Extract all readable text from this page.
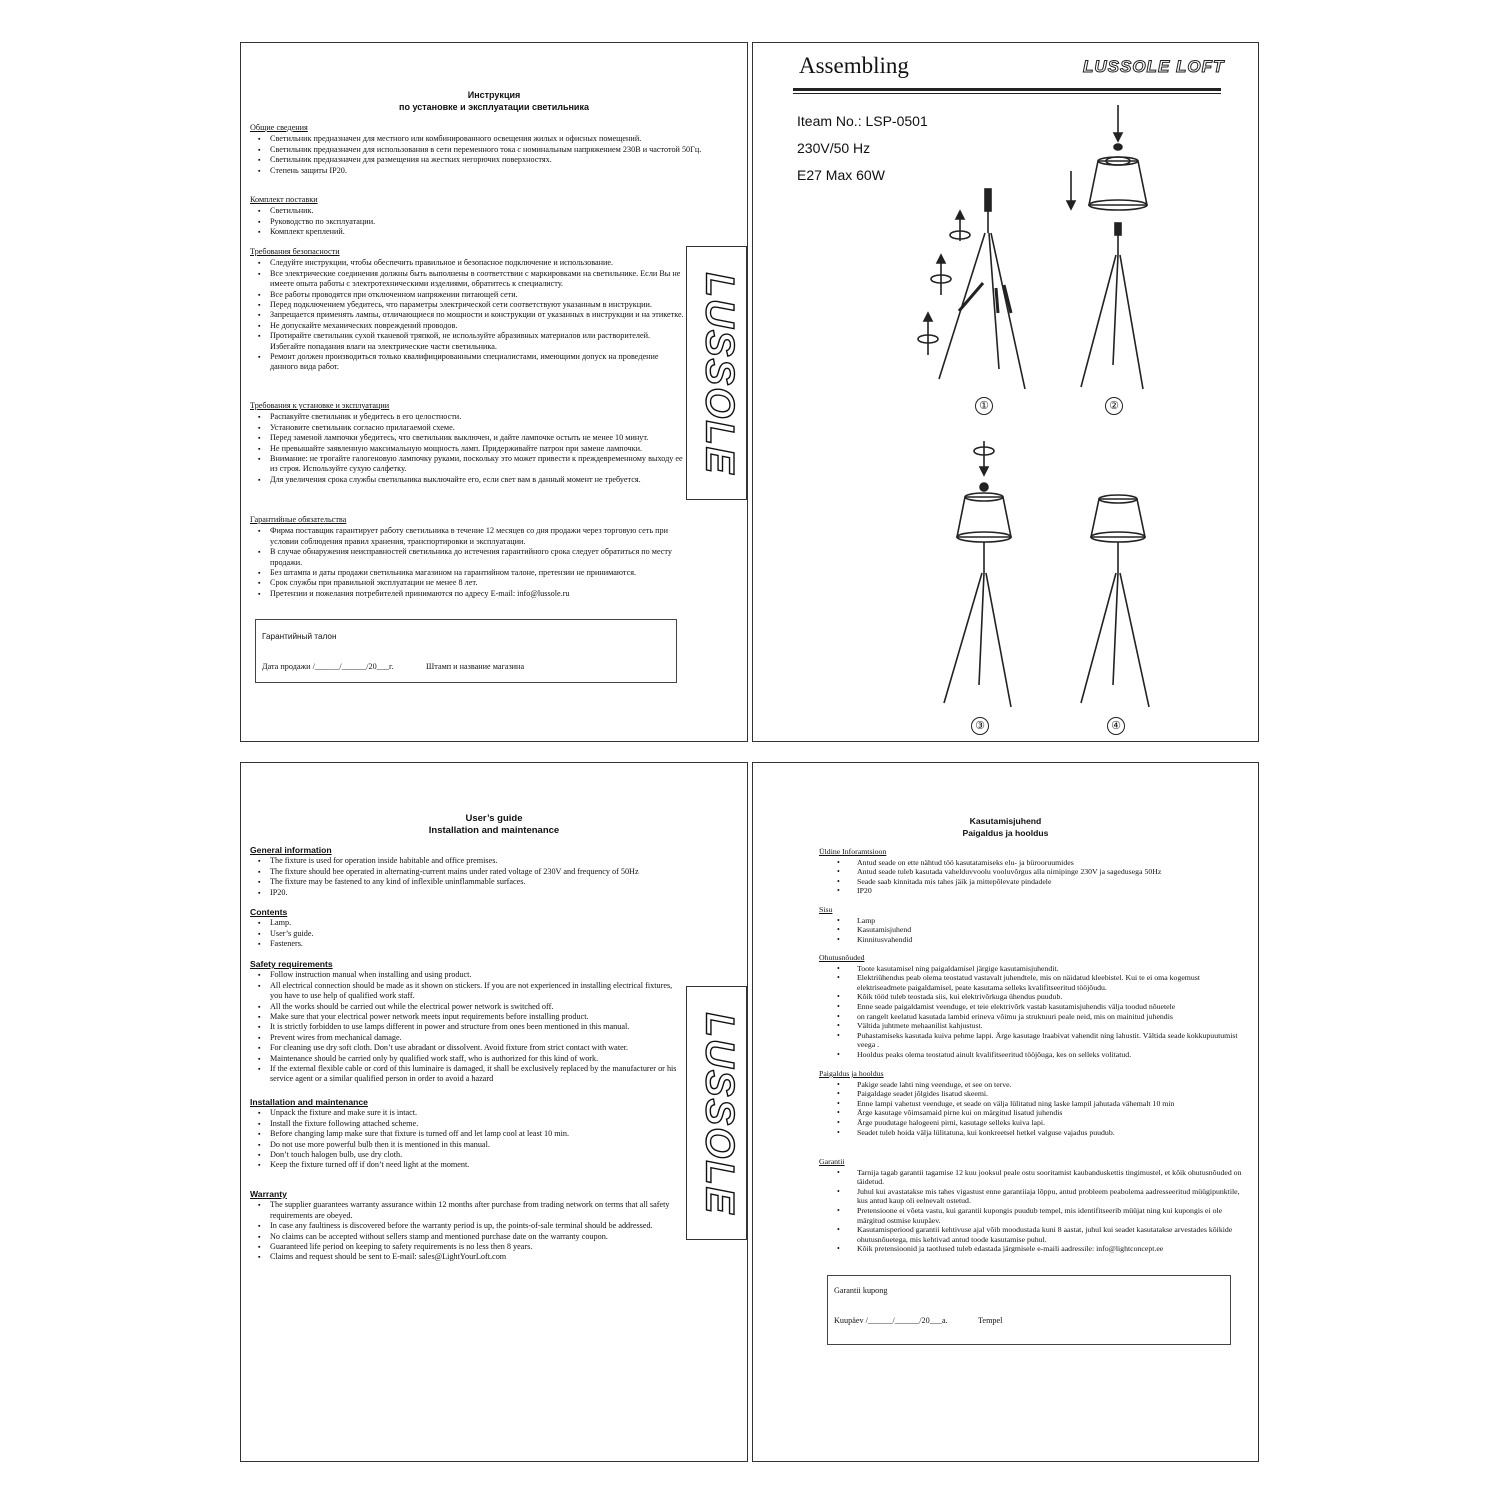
Инструкция
по установке и эксплуатации светильника
Общие сведения
▪ Светильник предназначен для местного или комбинированного освещения жилых и офисных помещений.
▪ Светильник предназначен для использования в сети переменного тока с номинальным напряжением 230В и частотой 50Гц.
▪ Светильник предназначен для размещения на жестких негорючих поверхностях.
▪ Степень защиты IP20.
Комплект поставки
▪ Светильник.
▪ Руководство по эксплуатации.
▪ Комплект креплений.
Требования безопасности
▪ Следуйте инструкции, чтобы обеспечить правильное и безопасное подключение и использование.
▪ Все электрические соединения должны быть выполнены в соответствии с маркировками на светильнике. Если Вы не имеете опыта работы с электротехническими изделиями, обратитесь к специалисту.
▪ Все работы проводятся при отключенном напряжении питающей сети.
▪ Перед подключением убедитесь, что параметры электрической сети соответствуют указанным в инструкции.
▪ Запрещается применять лампы, отличающиеся по мощности и конструкции от указанных в инструкции и на этикетке.
▪ Не допускайте механических повреждений проводов.
▪ Протирайте светильник сухой тканевой тряпкой, не используйте абразивных материалов или растворителей. Избегайте попадания влаги на электрические части светильника.
▪ Ремонт должен производиться только квалифицированными специалистами, имеющими допуск на проведение данного вида работ.
Требования к установке и эксплуатации
▪ Распакуйте светильник и убедитесь в его целостности.
▪ Установите светильник согласно прилагаемой схеме.
▪ Перед заменой лампочки убедитесь, что светильник выключен, и дайте лампочке остыть не менее 10 минут.
▪ Не превышайте заявленную максимальную мощность ламп. Придерживайте патрон при замене лампочки.
▪ Внимание: не трогайте галогеновую лампочку руками, поскольку это может привести к преждевременному выходу ее из строя. Используйте сухую салфетку.
▪ Для увеличения срока службы светильника выключайте его, если свет вам в данный момент не требуется.
Гарантийные обязательства
▪ Фирма поставщик гарантирует работу светильника в течение 12 месяцев со дня продажи через торговую сеть при условии соблюдения правил хранения, транспортировки и эксплуатации.
▪ В случае обнаружения неисправностей светильника до истечения гарантийного срока следует обратиться по месту продажи.
▪ Без штампа и даты продажи светильника магазином на гарантийном талоне, претензии не принимаются.
▪ Срок службы при правильной эксплуатации не менее 8 лет.
▪ Претензии и пожелания потребителей принимаются по адресу E-mail: info@lussole.ru
Гарантийный талон
Дата продажи /______/______/20___г.	Штамп и название магазина
LUSSOLE
Assembling	LUSSOLE LOFT
Iteam No.: LSP-0501
230V/50 Hz
E27 Max 60W
①	②
③	④
User’s guide
Installation and maintenance
General information
▪ The fixture is used for operation inside habitable and office premises.
▪ The fixture should bee operated in alternating-current mains under rated voltage of 230V and frequency of 50Hz
▪ The fixture may be fastened to any kind of inflexible uninflammable surfaces.
▪ IP20.
Contents
▪ Lamp.
▪ User’s guide.
▪ Fasteners.
Safety requirements
▪ Follow instruction manual when installing and using product.
▪ All electrical connection should be made as it shown on stickers. If you are not experienced in installing electrical fixtures, you have to use help of qualified work staff.
▪ All the works should be carried out while the electrical power network is switched off.
▪ Make sure that your electrical power network meets input requirements before installing product.
▪ It is strictly forbidden to use lamps different in power and structure from ones been mentioned in this manual.
▪ Prevent wires from mechanical damage.
▪ For cleaning use dry soft cloth. Don’t use abradant or dissolvent. Avoid fixture from strict contact with water.
▪ Maintenance should be carried only by qualified work staff, who is authorized for this kind of work.
▪ If the external flexible cable or cord of this luminaire is damaged, it shall be exclusively replaced by the manufacturer or his service agent or a similar qualified person in order to avoid a hazard
Installation and maintenance
▪ Unpack the fixture and make sure it is intact.
▪ Install the fixture following attached scheme.
▪ Before changing lamp make sure that fixture is turned off and let lamp cool at least 10 min.
▪ Do not use more powerful bulb then it is mentioned in this manual.
▪ Don’t touch halogen bulb, use dry cloth.
▪ Keep the fixture turned off if don’t need light at the moment.
Warranty
▪ The supplier guarantees warranty assurance within 12 months after purchase from trading network on terms that all safety requirements are obeyed.
▪ In case any faultiness is discovered before the warranty period is up, the points-of-sale terminal should be addressed.
▪ No claims can be accepted without sellers stamp and mentioned purchase date on the warranty coupon.
▪ Guaranteed life period on keeping to safety requirements is no less then 8 years.
▪ Claims and request should be sent to E-mail: sales@LightYourLoft.com
LUSSOLE
Kasutamisjuhend
Paigaldus ja hooldus
Üldine Inforamtsioon
• Antud seade on ette nähtud töö kasutatamiseks elu- ja bürooruumides
• Antud seade tuleb kasutada vahelduvvoolu vooluvõrgus alla nimipinge 230V ja sagedusega 50Hz
• Seade saab kinnitada mis tahes jäik ja mittepõlevate pindadele
• IP20
Sisu
• Lamp
• Kasutamisjuhend
• Kinnitusvahendid
Ohutusnõuded
• Toote kasutamisel ning paigaldamisel järgige kasutamisjuhendit.
• Elektriühendus peab olema teostatud vastavalt juhendtele, mis on näidatud kleebistel. Kui te ei oma kogemust elektriseadmete paigaldamisel, peate kasutama selleks kvalifitseeritud tööjõudu.
• Kõik tööd tuleb teostada siis, kui elektrivõrkuga ühendus puudub.
• Enne seade paigaldamist veenduge, et teie elektrivõrk vastab kasutamisjuhendis välja toodud nõuetele
• on rangelt keelatud kasutada lambid erineva võimu ja struktuuri peale neid, mis on mainitud juhendis
• Vältida juhtmete mehaanilist kahjustust.
• Puhastamiseks kasutada kuiva pehme lappi. Ärge kasutage lraabivat vahendit ning lahustit. Vältida seade kokkupuutumist veega .
• Hooldus peaks olema teostatud ainult kvalifitseeritud tööjõuga, kes on selleks volitatud.
Paigaldus ja hooldus
• Pakige seade lahti ning veenduge, et see on terve.
• Paigaldage seadet jõlgides lisatud skeemi.
• Enne lampi vahetust veenduge, et seade on välja lülitatud ning laske lampil jahutada vähemalt 10 min
• Ärge kasutage võimsamaid pirne kui on märgitud lisatud juhendis
• Ärge puudutage halogeeni pirni, kasutage selleks kuiva lapi.
• Seadet tuleb hoida välja lülitatuna, kui konkreetsel hetkel valguse vajadus puudub.
Garantii
• Tarnija tagab garantii tagamise 12 kuu jooksul peale ostu sooritamist kaubanduskettis tingimustel, et kõik ohutusnõuded on täidetud.
• Juhul kui avastatakse mis tahes vigastust enne garantiiaja lõppu, antud probleem peabolema aadresseeritud müügipunktile, kus antud kaup oli eelnevalt ostetud.
• Pretensioone ei võeta vastu, kui garantii kupongis puudub tempel, mis identifitseerib müüjat ning kui kupongis ei ole märgitud ostmise kuupäev.
• Kasutamisperiood garantii kehtivuse ajal võib moodustada kuni 8 aastat, juhul kui seadet kasutatakse arvestades kõikide ohutusnõuetega, mis kehtivad antud toode kasutamise puhul.
• Kõik pretensioonid ja taotlused tuleb edastada järgmisele e-maili aadressile: info@lightconcept.ee
Garantii kupong
Kuupäev /______/______/20___a.	Tempel
